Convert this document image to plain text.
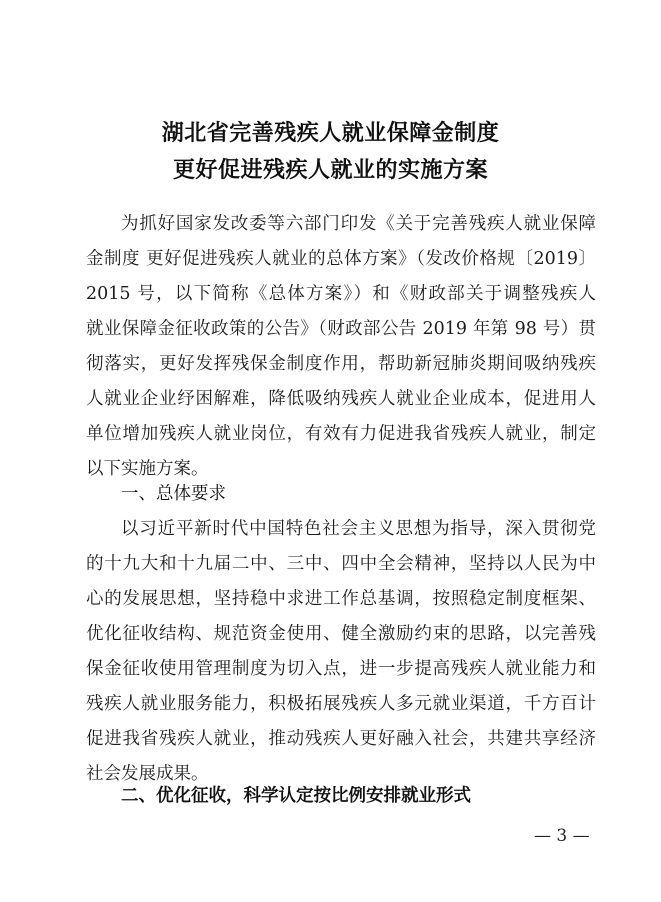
湖北省完善残疾人就业保障金制度
更好促进残疾人就业的实施方案
为抓好国家发改委等六部门印发《关于完善残疾人就业保障
金制度 更好促进残疾人就业的总体方案》（发改价格规〔2019〕
2015 号，以下简称《总体方案》）和《财政部关于调整残疾人
就业保障金征收政策的公告》（财政部公告 2019 年第 98 号）贯
彻落实，更好发挥残保金制度作用，帮助新冠肺炎期间吸纳残疾
人就业企业纾困解难，降低吸纳残疾人就业企业成本，促进用人
单位增加残疾人就业岗位，有效有力促进我省残疾人就业，制定
以下实施方案。
一、总体要求
以习近平新时代中国特色社会主义思想为指导，深入贯彻党
的十九大和十九届二中、三中、四中全会精神，坚持以人民为中
心的发展思想，坚持稳中求进工作总基调，按照稳定制度框架、
优化征收结构、规范资金使用、健全激励约束的思路，以完善残
保金征收使用管理制度为切入点，进一步提高残疾人就业能力和
残疾人就业服务能力，积极拓展残疾人多元就业渠道，千方百计
促进我省残疾人就业，推动残疾人更好融入社会，共建共享经济
社会发展成果。
— 3 —
二、优化征收，科学认定按比例安排就业形式
